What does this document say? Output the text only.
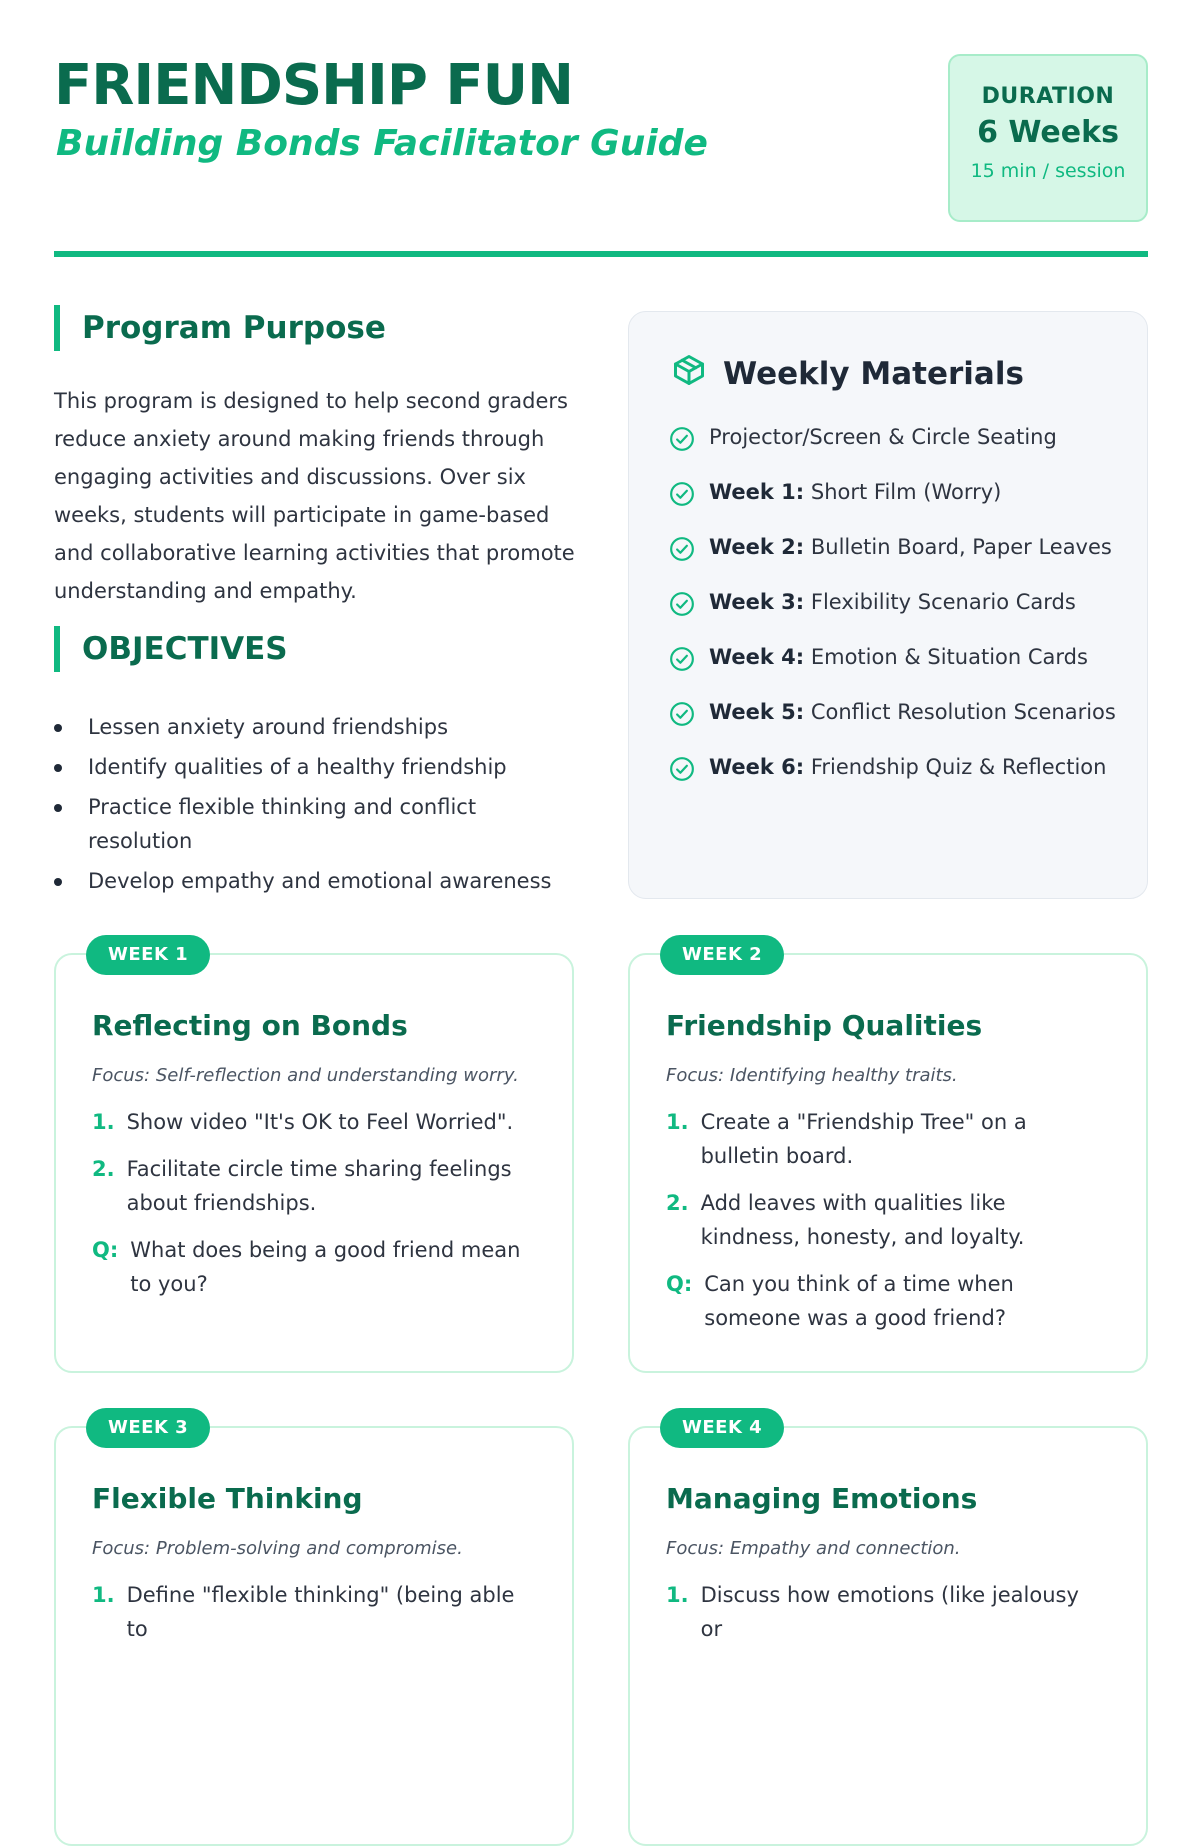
FRIENDSHIP FUN
Building Bonds Facilitator Guide
DURATION
6 Weeks
15 min / session
Program Purpose

This program is designed to help second graders reduce anxiety around making friends through engaging activities and discussions. Over six weeks, students will participate in game-based and collaborative learning activities that promote understanding and empathy.

OBJECTIVES
Lessen anxiety around friendships
Identify qualities of a healthy friendship
Practice flexible thinking and conflict resolution
Develop empathy and emotional awareness
Weekly Materials
Projector/Screen & Circle Seating
Week 1: Short Film (Worry)
Week 2: Bulletin Board, Paper Leaves
Week 3: Flexibility Scenario Cards
Week 4: Emotion & Situation Cards
Week 5: Conflict Resolution Scenarios
Week 6: Friendship Quiz & Reflection
WEEK 1
Reflecting on Bonds
Focus: Self-reflection and understanding worry.
1. Show video "It's OK to Feel Worried".
2. Facilitate circle time sharing feelings about friendships.
Q: What does being a good friend mean to you?
WEEK 2
Friendship Qualities
Focus: Identifying healthy traits.
1. Create a "Friendship Tree" on a bulletin board.
2. Add leaves with qualities like kindness, honesty, and loyalty.
Q: Can you think of a time when someone was a good friend?
WEEK 3
Flexible Thinking
Focus: Problem-solving and compromise.
1. Define "flexible thinking" (being able to
WEEK 4
Managing Emotions
Focus: Empathy and connection.
1. Discuss how emotions (like jealousy or
